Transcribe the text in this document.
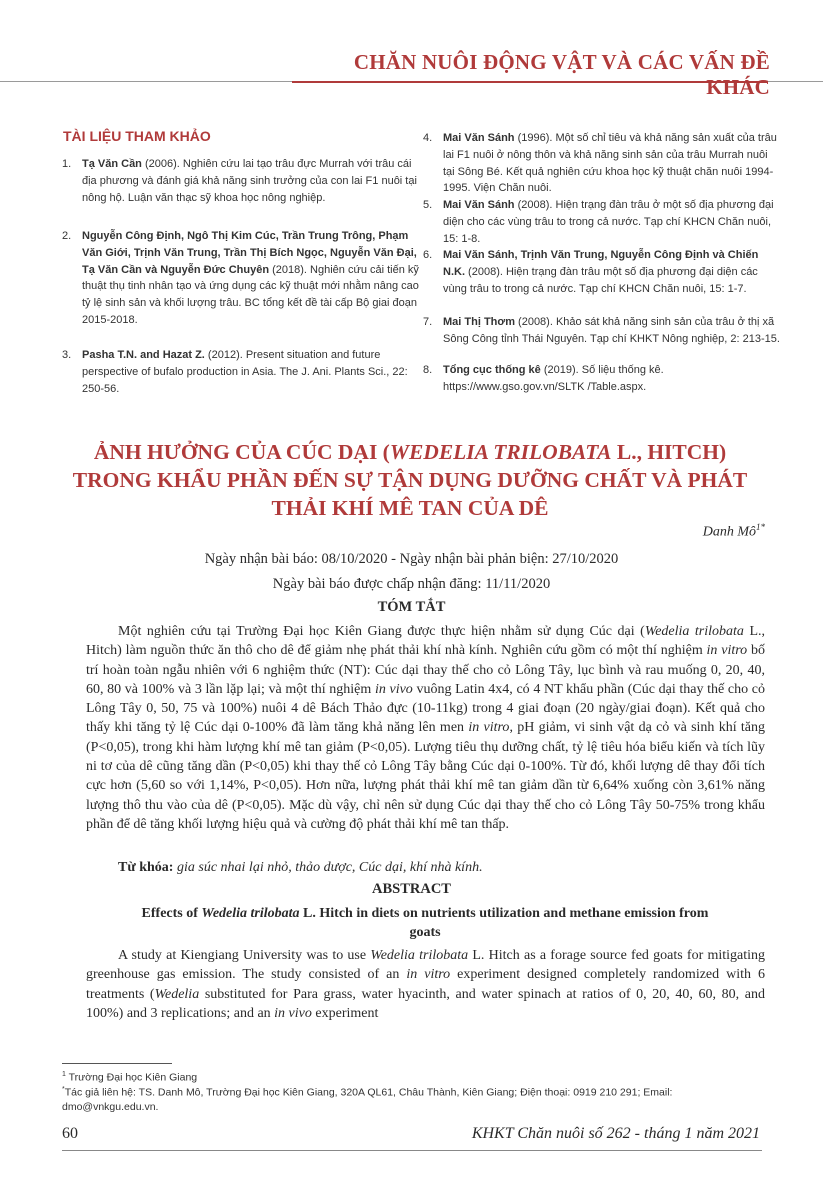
CHĂN NUÔI ĐỘNG VẬT VÀ CÁC VẤN ĐỀ KHÁC
TÀI LIỆU THAM KHẢO
1. Tạ Văn Cần (2006). Nghiên cứu lai tạo trâu đực Murrah với trâu cái địa phương và đánh giá khả năng sinh trưởng của con lai F1 nuôi tại nông hộ. Luận văn thạc sỹ khoa học nông nghiệp.
2. Nguyễn Công Định, Ngô Thị Kim Cúc, Trần Trung Trông, Phạm Văn Giới, Trịnh Văn Trung, Trần Thị Bích Ngọc, Nguyễn Văn Đại, Tạ Văn Cần và Nguyễn Đức Chuyên (2018). Nghiên cứu cải tiến kỹ thuật thụ tinh nhân tạo và ứng dụng các kỹ thuật mới nhằm nâng cao tỷ lệ sinh sản và khối lượng trâu. BC tổng kết đề tài cấp Bộ giai đoạn 2015-2018.
3. Pasha T.N. and Hazat Z. (2012). Present situation and future perspective of bufalo production in Asia. The J. Ani. Plants Sci., 22: 250-56.
4. Mai Văn Sánh (1996). Một số chỉ tiêu và khả năng sản xuất của trâu lai F1 nuôi ở nông thôn và khả năng sinh sản của trâu Murrah nuôi tại Sông Bé. Kết quả nghiên cứu khoa học kỹ thuật chăn nuôi 1994-1995. Viện Chăn nuôi.
5. Mai Văn Sánh (2008). Hiện trạng đàn trâu ở một số địa phương đại diện cho các vùng trâu to trong cả nước. Tạp chí KHCN Chăn nuôi, 15: 1-8.
6. Mai Văn Sánh, Trịnh Văn Trung, Nguyễn Công Định và Chiến N.K. (2008). Hiện trạng đàn trâu một số địa phương đại diện các vùng trâu to trong cả nước. Tạp chí KHCN Chăn nuôi, 15: 1-7.
7. Mai Thị Thơm (2008). Khảo sát khả năng sinh sản của trâu ở thị xã Sông Công tỉnh Thái Nguyên. Tạp chí KHKT Nông nghiệp, 2: 213-15.
8. Tổng cục thống kê (2019). Số liệu thống kê. https://www.gso.gov.vn/SLTK /Table.aspx.
ẢNH HƯỞNG CỦA CÚC DẠI (WEDELIA TRILOBATA L., HITCH) TRONG KHẨU PHẦN ĐẾN SỰ TẬN DỤNG DƯỠNG CHẤT VÀ PHÁT THẢI KHÍ MÊ TAN CỦA DÊ
Danh $Mô^{1*}$
Ngày nhận bài báo: 08/10/2020 - Ngày nhận bài phản biện: 27/10/2020
Ngày bài báo được chấp nhận đăng: 11/11/2020
TÓM TẮT
Một nghiên cứu tại Trường Đại học Kiên Giang được thực hiện nhằm sử dụng Cúc dại (Wedelia trilobata L., Hitch) làm nguồn thức ăn thô cho dê để giảm nhẹ phát thải khí nhà kính. Nghiên cứu gồm có một thí nghiệm in vitro bố trí hoàn toàn ngẫu nhiên với 6 nghiệm thức (NT): Cúc dại thay thế cho cỏ Lông Tây, lục bình và rau muống 0, 20, 40, 60, 80 và 100% và 3 lần lặp lại; và một thí nghiệm in vivo vuông Latin 4x4, có 4 NT khẩu phần (Cúc dại thay thế cho cỏ Lông Tây 0, 50, 75 và 100%) nuôi 4 dê Bách Thảo đực (10-11kg) trong 4 giai đoạn (20 ngày/giai đoạn). Kết quả cho thấy khi tăng tỷ lệ Cúc dại 0-100% đã làm tăng khả năng lên men in vitro, pH giảm, vi sinh vật dạ cỏ và sinh khí tăng (P<0,05), trong khi hàm lượng khí mê tan giảm (P<0,05). Lượng tiêu thụ dưỡng chất, tỷ lệ tiêu hóa biểu kiến và tích lũy ni tơ của dê cũng tăng dần (P<0,05) khi thay thế cỏ Lông Tây bằng Cúc dại 0-100%. Từ đó, khối lượng dê thay đổi tích cực hơn (5,60 so với 1,14%, P<0,05). Hơn nữa, lượng phát thải khí mê tan giảm dần từ 6,64% xuống còn 3,61% năng lượng thô thu vào của dê (P<0,05). Mặc dù vậy, chỉ nên sử dụng Cúc dại thay thế cho cỏ Lông Tây 50-75% trong khẩu phần để dê tăng khối lượng hiệu quả và cường độ phát thải khí mê tan thấp.
Từ khóa: gia súc nhai lại nhỏ, thảo dược, Cúc dại, khí nhà kính.
ABSTRACT
Effects of Wedelia trilobata L. Hitch in diets on nutrients utilization and methane emission from goats
A study at Kiengiang University was to use Wedelia trilobata L. Hitch as a forage source fed goats for mitigating greenhouse gas emission. The study consisted of an in vitro experiment designed completely randomized with 6 treatments (Wedelia substituted for Para grass, water hyacinth, and water spinach at ratios of 0, 20, 40, 60, 80, and 100%) and 3 replications; and an in vivo experiment
$^1$ Trường Đại học Kiên Giang
*Tác giả liên hệ: TS. Danh Mô, Trường Đại học Kiên Giang, 320A QL61, Châu Thành, Kiên Giang; Điện thoại: 0919 210 291; Email: dmo@vnkgu.edu.vn.
60	KHKT Chăn nuôi số 262 - tháng 1 năm 2021
